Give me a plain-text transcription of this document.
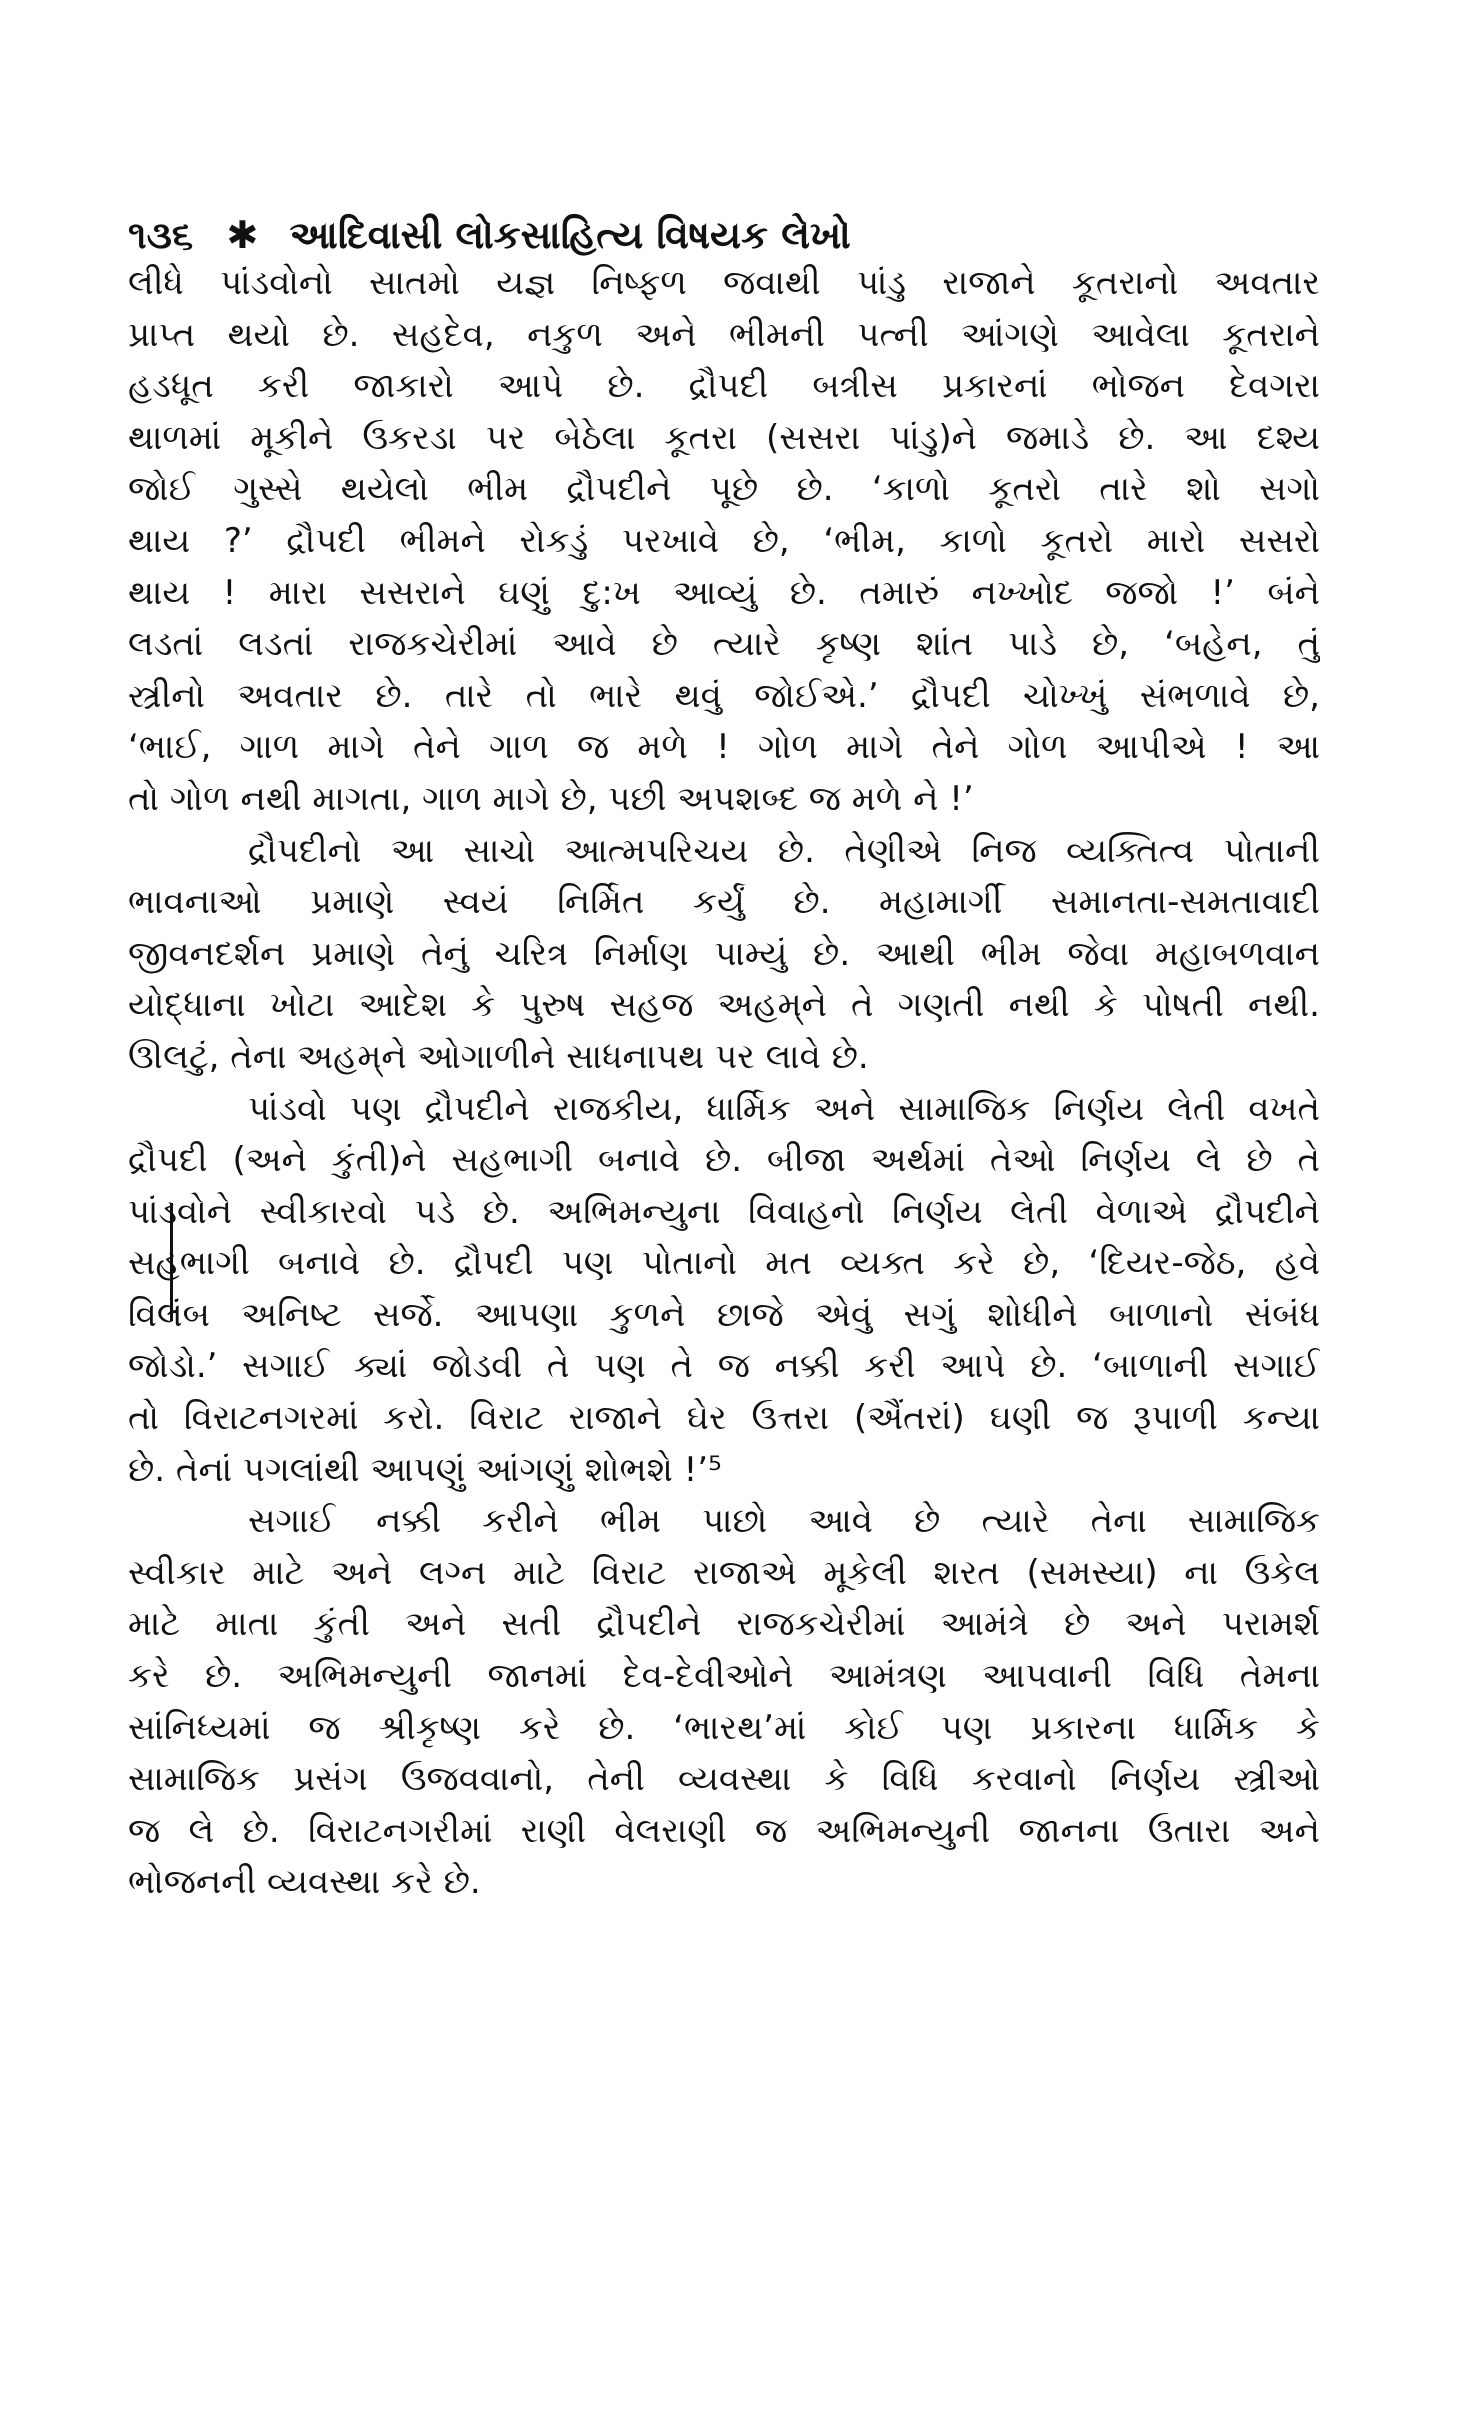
૧૩૬ ✱ આદિવાસી લોકસાહિત્ય વિષયક લેખો
લીધે પાંડવોનો સાતમો યજ્ઞ નિષ્ફળ જવાથી પાંડુ રાજાને કૂતરાનો અવતાર
પ્રાપ્ત થયો છે. સહદેવ, નકુળ અને ભીમની પત્ની આંગણે આવેલા કૂતરાને
હડધૂત કરી જાકારો આપે છે. દ્રૌપદી બત્રીસ પ્રકારનાં ભોજન દેવગરા
થાળમાં મૂકીને ઉકરડા પર બેઠેલા કૂતરા (સસરા પાંડુ)ને જમાડે છે. આ દશ્ય
જોઈ ગુસ્સે થયેલો ભીમ દ્રૌપદીને પૂછે છે. ‘કાળો કૂતરો તારે શો સગો
થાય ?’ દ્રૌપદી ભીમને રોકડું પરખાવે છે, ‘ભીમ, કાળો કૂતરો મારો સસરો
થાય ! મારા સસરાને ઘણું દુ:ખ આવ્યું છે. તમારું નખ્ખોદ જજો !’ બંને
લડતાં લડતાં રાજકચેરીમાં આવે છે ત્યારે કૃષ્ણ શાંત પાડે છે, ‘બહેન, તું
સ્ત્રીનો અવતાર છે. તારે તો ભારે થવું જોઈએ.’ દ્રૌપદી ચોખ્ખું સંભળાવે છે,
‘ભાઈ, ગાળ માગે તેને ગાળ જ મળે ! ગોળ માગે તેને ગોળ આપીએ ! આ
તો ગોળ નથી માગતા, ગાળ માગે છે, પછી અપશબ્દ જ મળે ને !’
દ્રૌપદીનો આ સાચો આત્મપરિચય છે. તેણીએ નિજ વ્યક્તિત્વ પોતાની
ભાવનાઓ પ્રમાણે સ્વયં નિર્મિત કર્યું છે. મહામાર્ગી સમાનતા-સમતાવાદી
જીવનદર્શન પ્રમાણે તેનું ચરિત્ર નિર્માણ પામ્યું છે. આથી ભીમ જેવા મહાબળવાન
યોદ્ધાના ખોટા આદેશ કે પુરુષ સહજ અહમ્‌ને તે ગણતી નથી કે પોષતી નથી.
ઊલટું, તેના અહમ્‌ને ઓગાળીને સાધનાપથ પર લાવે છે.
પાંડવો પણ દ્રૌપદીને રાજકીય, ધાર્મિક અને સામાજિક નિર્ણય લેતી વખતે
દ્રૌપદી (અને કુંતી)ને સહભાગી બનાવે છે. બીજા અર્થમાં તેઓ નિર્ણય લે છે તે
પાંડવોને સ્વીકારવો પડે છે. અભિમન્યુના વિવાહનો નિર્ણય લેતી વેળાએ દ્રૌપદીને
સહભાગી બનાવે છે. દ્રૌપદી પણ પોતાનો મત વ્યક્ત કરે છે, ‘દિયર-જેઠ, હવે
વિલંબ અનિષ્ટ સર્જે. આપણા કુળને છાજે એવું સગું શોધીને બાળાનો સંબંધ
જોડો.’ સગાઈ ક્યાં જોડવી તે પણ તે જ નક્કી કરી આપે છે. ‘બાળાની સગાઈ
તો વિરાટનગરમાં કરો. વિરાટ રાજાને ઘેર ઉત્તરા (ઐંતરાં) ઘણી જ રૂપાળી કન્યા
છે. તેનાં પગલાંથી આપણું આંગણું શોભશે !’⁵
સગાઈ નક્કી કરીને ભીમ પાછો આવે છે ત્યારે તેના સામાજિક
સ્વીકાર માટે અને લગ્ન માટે વિરાટ રાજાએ મૂકેલી શરત (સમસ્યા) ના ઉકેલ
માટે માતા કુંતી અને સતી દ્રૌપદીને રાજકચેરીમાં આમંત્રે છે અને પરામર્શ
કરે છે. અભિમન્યુની જાનમાં દેવ-દેવીઓને આમંત્રણ આપવાની વિધિ તેમના
સાંનિધ્યમાં જ શ્રીકૃષ્ણ કરે છે. ‘ભારથ’માં કોઈ પણ પ્રકારના ધાર્મિક કે
સામાજિક પ્રસંગ ઉજવવાનો, તેની વ્યવસ્થા કે વિધિ કરવાનો નિર્ણય સ્ત્રીઓ
જ લે છે. વિરાટનગરીમાં રાણી વેલરાણી જ અભિમન્યુની જાનના ઉતારા અને
ભોજનની વ્યવસ્થા કરે છે.
